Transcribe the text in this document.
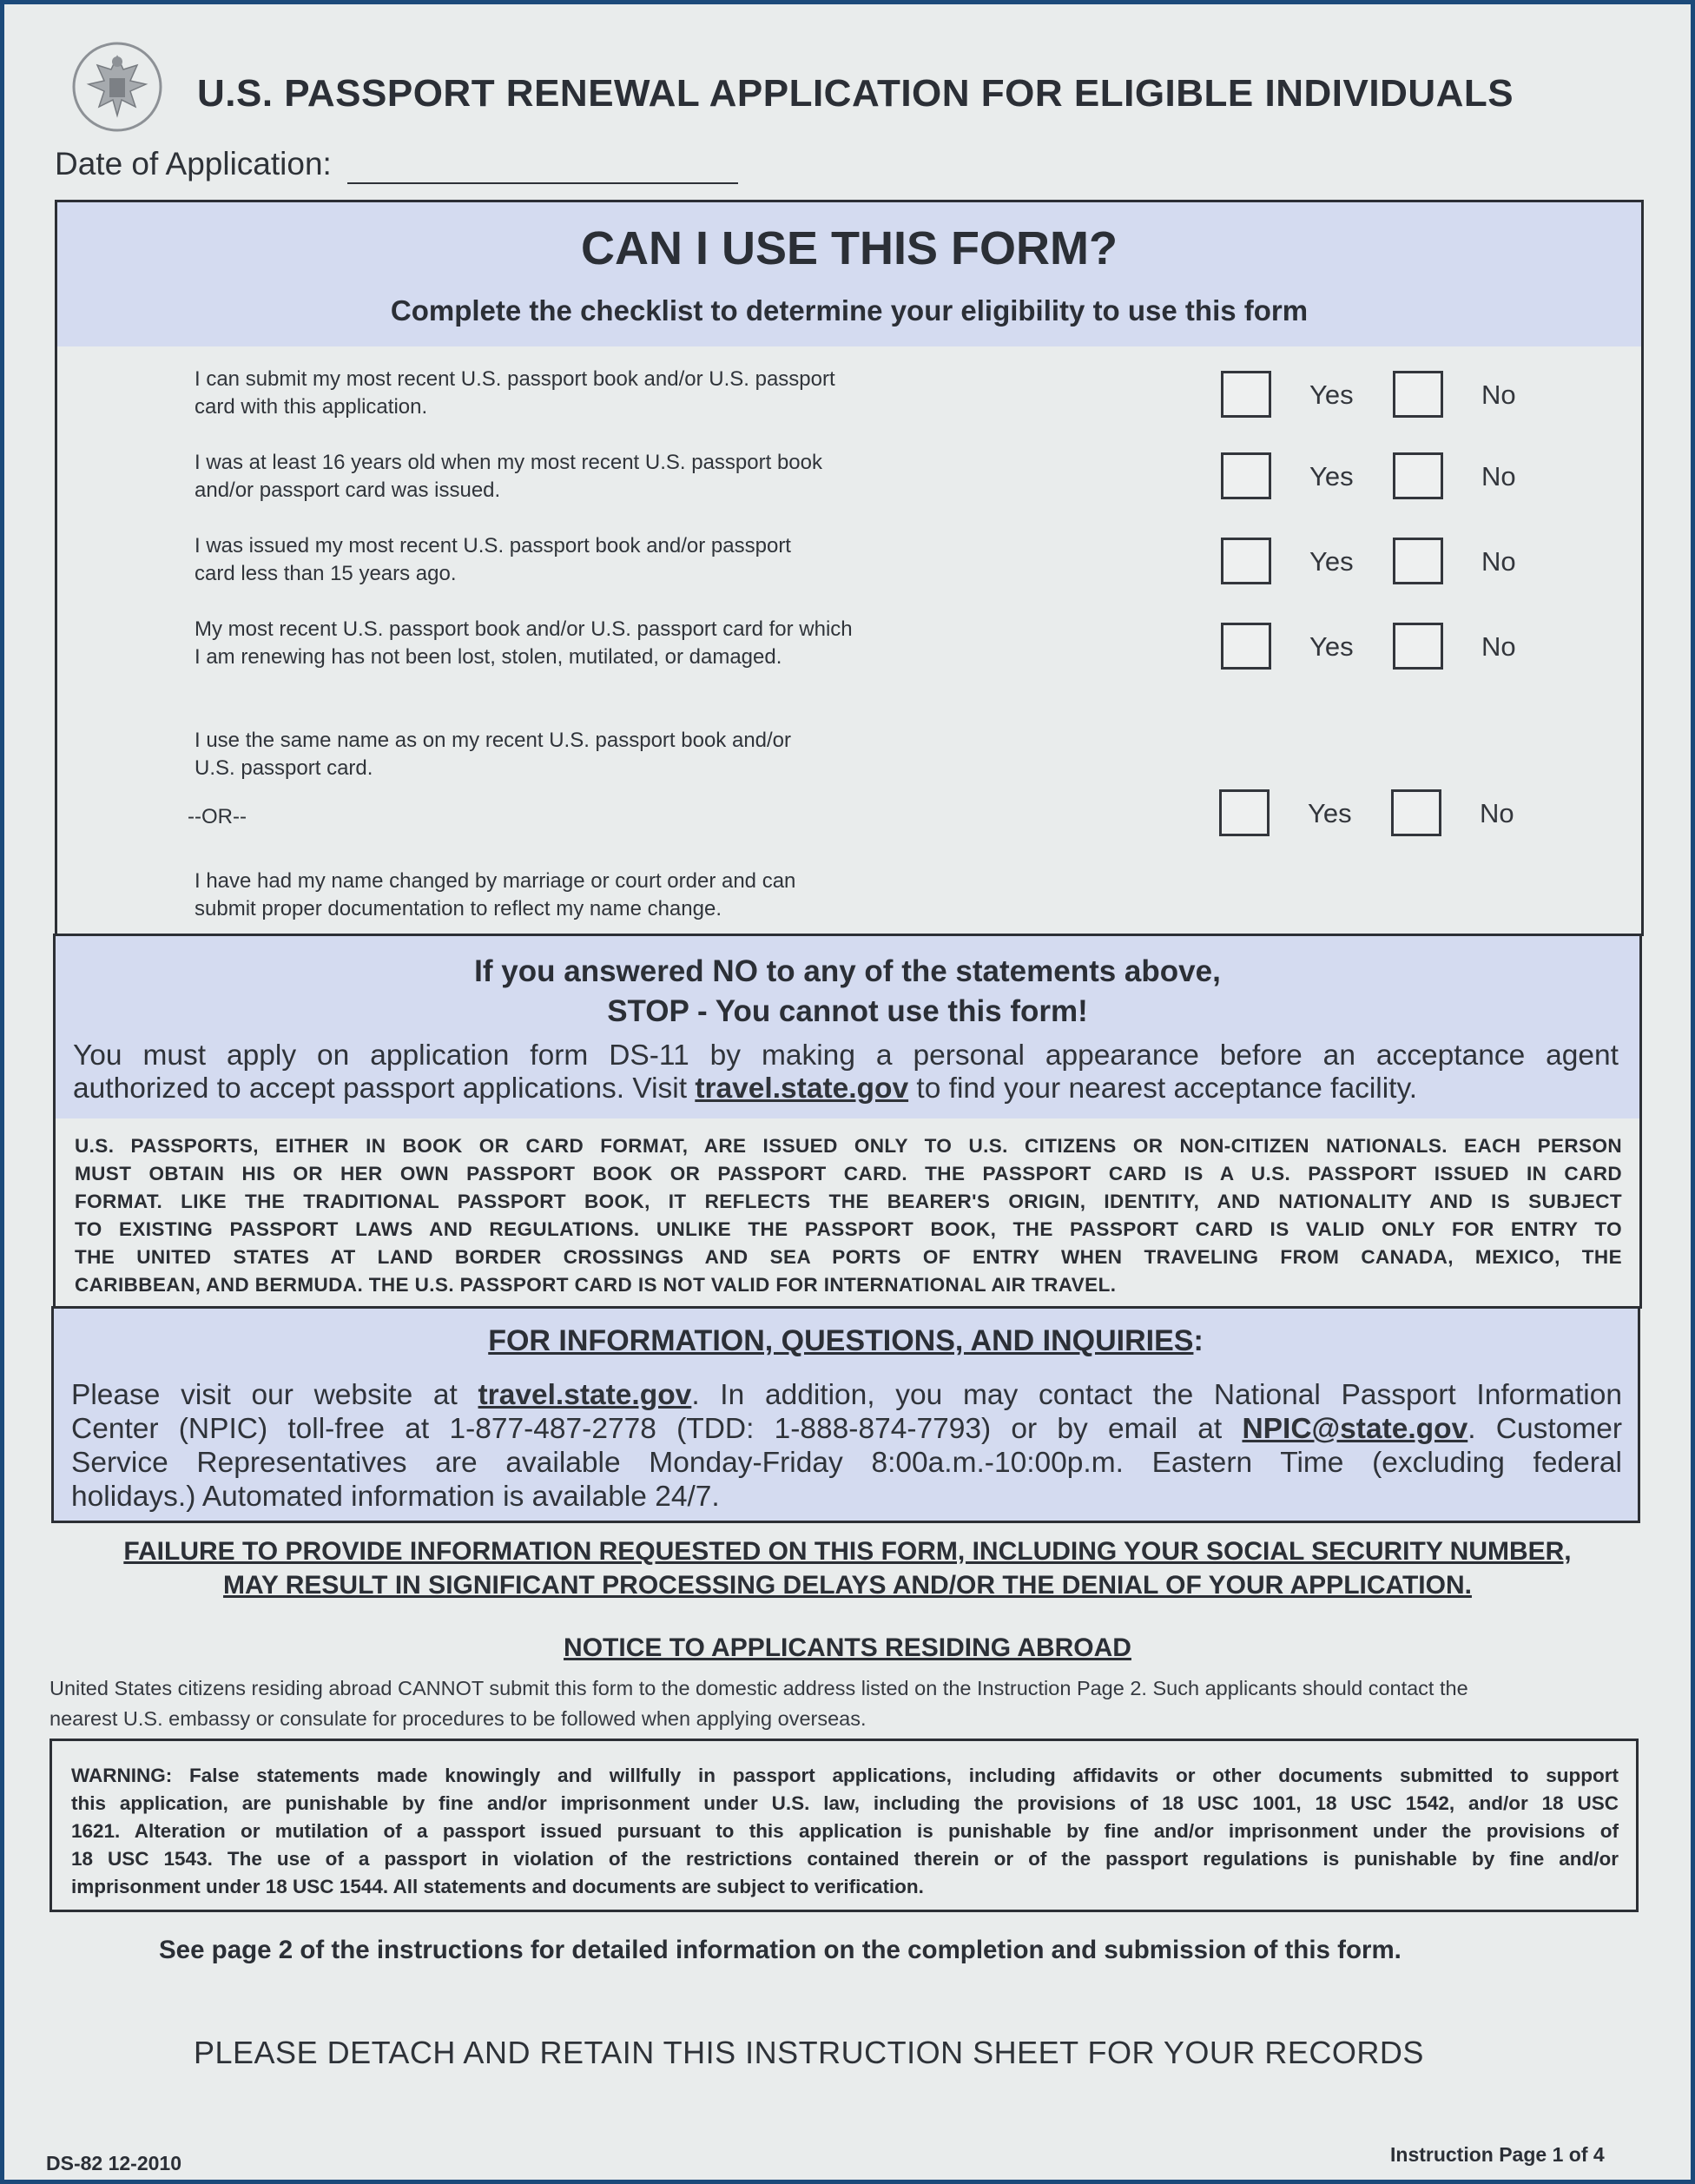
U.S. PASSPORT RENEWAL APPLICATION FOR ELIGIBLE INDIVIDUALS
Date of Application:
CAN I USE THIS FORM?
Complete the checklist to determine your eligibility to use this form
I can submit my most recent U.S. passport book and/or U.S. passport
card with this application.	Yes	No
I was at least 16 years old when my most recent U.S. passport book
and/or passport card was issued.	Yes	No
I was issued my most recent U.S. passport book and/or passport
card less than 15 years ago.	Yes	No
My most recent U.S. passport book and/or U.S. passport card for which
I am renewing has not been lost, stolen, mutilated, or damaged.	Yes	No
I use the same name as on my recent U.S. passport book and/or
U.S. passport card.
--OR--
I have had my name changed by marriage or court order and can
submit proper documentation to reflect my name change.
Yes	No
If you answered NO to any of the statements above,
STOP - You cannot use this form!
You must apply on application form DS-11 by making a personal appearance before an acceptance agent
authorized to accept passport applications. Visit travel.state.gov to find your nearest acceptance facility.
U.S. PASSPORTS, EITHER IN BOOK OR CARD FORMAT, ARE ISSUED ONLY TO U.S. CITIZENS OR NON-CITIZEN NATIONALS. EACH PERSON
MUST OBTAIN HIS OR HER OWN PASSPORT BOOK OR PASSPORT CARD. THE PASSPORT CARD IS A U.S. PASSPORT ISSUED IN CARD
FORMAT. LIKE THE TRADITIONAL PASSPORT BOOK, IT REFLECTS THE BEARER'S ORIGIN, IDENTITY, AND NATIONALITY AND IS SUBJECT
TO EXISTING PASSPORT LAWS AND REGULATIONS. UNLIKE THE PASSPORT BOOK, THE PASSPORT CARD IS VALID ONLY FOR ENTRY TO
THE UNITED STATES AT LAND BORDER CROSSINGS AND SEA PORTS OF ENTRY WHEN TRAVELING FROM CANADA, MEXICO, THE
CARIBBEAN, AND BERMUDA. THE U.S. PASSPORT CARD IS NOT VALID FOR INTERNATIONAL AIR TRAVEL.
FOR INFORMATION, QUESTIONS, AND INQUIRIES:
Please visit our website at travel.state.gov. In addition, you may contact the National Passport Information
Center (NPIC) toll-free at 1-877-487-2778 (TDD: 1-888-874-7793) or by email at NPIC@state.gov. Customer
Service Representatives are available Monday-Friday 8:00a.m.-10:00p.m. Eastern Time (excluding federal
holidays.) Automated information is available 24/7.
FAILURE TO PROVIDE INFORMATION REQUESTED ON THIS FORM, INCLUDING YOUR SOCIAL SECURITY NUMBER,
MAY RESULT IN SIGNIFICANT PROCESSING DELAYS AND/OR THE DENIAL OF YOUR APPLICATION.
NOTICE TO APPLICANTS RESIDING ABROAD
United States citizens residing abroad CANNOT submit this form to the domestic address listed on the Instruction Page 2. Such applicants should contact the
nearest U.S. embassy or consulate for procedures to be followed when applying overseas.
WARNING: False statements made knowingly and willfully in passport applications, including affidavits or other documents submitted to support
this application, are punishable by fine and/or imprisonment under U.S. law, including the provisions of 18 USC 1001, 18 USC 1542, and/or 18 USC
1621. Alteration or mutilation of a passport issued pursuant to this application is punishable by fine and/or imprisonment under the provisions of
18 USC 1543. The use of a passport in violation of the restrictions contained therein or of the passport regulations is punishable by fine and/or
imprisonment under 18 USC 1544. All statements and documents are subject to verification.
See page 2 of the instructions for detailed information on the completion and submission of this form.
PLEASE DETACH AND RETAIN THIS INSTRUCTION SHEET FOR YOUR RECORDS
DS-82 12-2010	Instruction Page 1 of 4
